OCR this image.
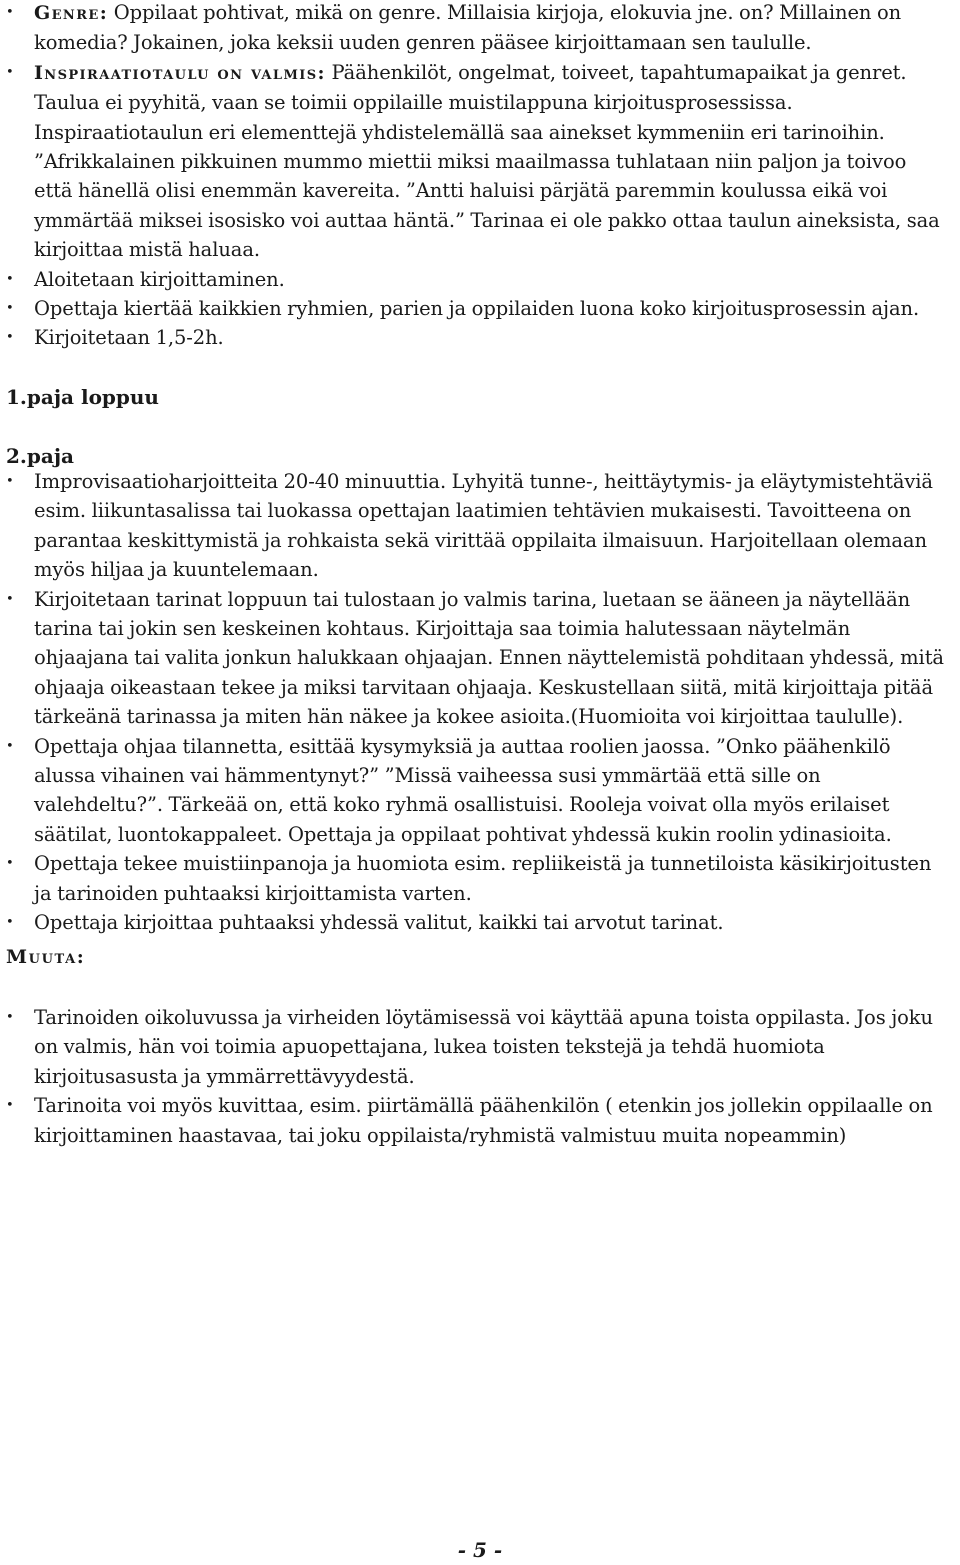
• Genre: Oppilaat pohtivat, mikä on genre. Millaisia kirjoja, elokuvia jne. on? Millainen on komedia? Jokainen, joka keksii uuden genren pääsee kirjoittamaan sen taululle.
• Inspiraatiotaulu on valmis: Päähenkilöt, ongelmat, toiveet, tapahtumapaikat ja genret. Taulua ei pyyhitä, vaan se toimii oppilaille muistilappuna kirjoitusprosessissa. Inspiraatiotaulun eri elementtejä yhdistelemällä saa ainekset kymmeniin eri tarinoihin. ”Afrikkalainen pikkuinen mummo miettii miksi maailmassa tuhlataan niin paljon ja toivoo että hänellä olisi enemmän kavereita. ”Antti haluisi pärjätä paremmin koulussa eikä voi ymmärtää miksei isosisko voi auttaa häntä.” Tarinaa ei ole pakko ottaa taulun aineksista, saa kirjoittaa mistä haluaa.
• Aloitetaan kirjoittaminen.
• Opettaja kiertää kaikkien ryhmien, parien ja oppilaiden luona koko kirjoitusprosessin ajan.
• Kirjoitetaan 1,5-2h.
1.paja loppuu
2.paja
• Improvisaatioharjoitteita 20-40 minuuttia. Lyhyitä tunne-, heittäytymis- ja eläytymistehtäviä esim. liikuntasalissa tai luokassa opettajan laatimien tehtävien mukaisesti. Tavoitteena on parantaa keskittymistä ja rohkaista sekä virittää oppilaita ilmaisuun. Harjoitellaan olemaan myös hiljaa ja kuuntelemaan.
• Kirjoitetaan tarinat loppuun tai tulostaan jo valmis tarina, luetaan se ääneen ja näytellään tarina tai jokin sen keskeinen kohtaus. Kirjoittaja saa toimia halutessaan näytelmän ohjaajana tai valita jonkun halukkaan ohjaajan. Ennen näyttelemistä pohditaan yhdessä, mitä ohjaaja oikeastaan tekee ja miksi tarvitaan ohjaaja. Keskustellaan siitä, mitä kirjoittaja pitää tärkeänä tarinassa ja miten hän näkee ja kokee asioita.(Huomioita voi kirjoittaa taululle).
• Opettaja ohjaa tilannetta, esittää kysymyksiä ja auttaa roolien jaossa. ”Onko päähenkilö alussa vihainen vai hämmentynyt?” ”Missä vaiheessa susi ymmärtää että sille on valehdeltu?”. Tärkeää on, että koko ryhmä osallistuisi. Rooleja voivat olla myös erilaiset säätilat, luontokappaleet. Opettaja ja oppilaat pohtivat yhdessä kukin roolin ydinasioita.
• Opettaja tekee muistiinpanoja ja huomiota esim. repliikeistä ja tunnetiloista käsikirjoitusten ja tarinoiden puhtaaksi kirjoittamista varten.
• Opettaja kirjoittaa puhtaaksi yhdessä valitut, kaikki tai arvotut tarinat.
Muuta:
• Tarinoiden oikoluvussa ja virheiden löytämisessä voi käyttää apuna toista oppilasta. Jos joku on valmis, hän voi toimia apuopettajana, lukea toisten tekstejä ja tehdä huomiota kirjoitusasusta ja ymmärrettävyydestä.
• Tarinoita voi myös kuvittaa, esim. piirtämällä päähenkilön ( etenkin jos jollekin oppilaalle on kirjoittaminen haastavaa, tai joku oppilaista/ryhmistä valmistuu muita nopeammin)
- 5 -
